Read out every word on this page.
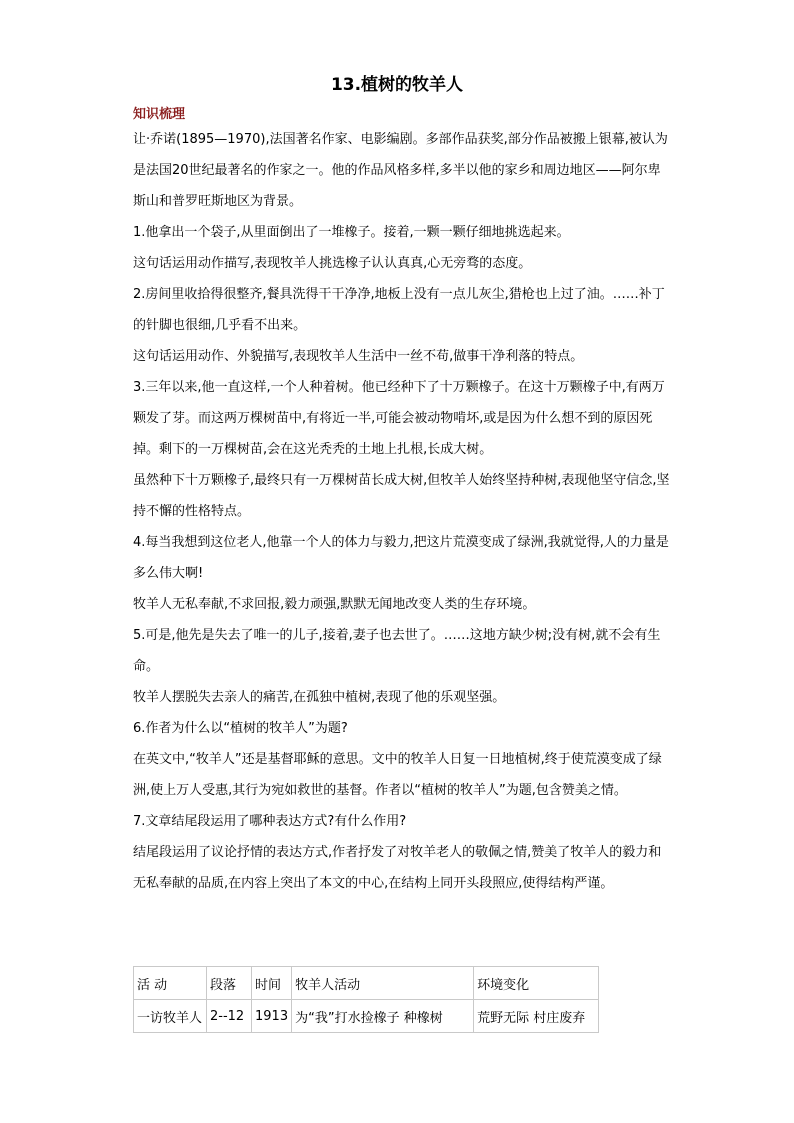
13.植树的牧羊人
知识梳理

让·乔诺(1895—1970),法国著名作家、电影编剧。多部作品获奖,部分作品被搬上银幕,被认为是法国20世纪最著名的作家之一。他的作品风格多样,多半以他的家乡和周边地区——阿尔卑斯山和普罗旺斯地区为背景。

1.他拿出一个袋子,从里面倒出了一堆橡子。接着,一颗一颗仔细地挑选起来。

这句话运用动作描写,表现牧羊人挑选橡子认认真真,心无旁骛的态度。

2.房间里收拾得很整齐,餐具洗得干干净净,地板上没有一点儿灰尘,猎枪也上过了油。……补丁的针脚也很细,几乎看不出来。

这句话运用动作、外貌描写,表现牧羊人生活中一丝不苟,做事干净利落的特点。

3.三年以来,他一直这样,一个人种着树。他已经种下了十万颗橡子。在这十万颗橡子中,有两万颗发了芽。而这两万棵树苗中,有将近一半,可能会被动物啃坏,或是因为什么想不到的原因死掉。剩下的一万棵树苗,会在这光秃秃的土地上扎根,长成大树。

虽然种下十万颗橡子,最终只有一万棵树苗长成大树,但牧羊人始终坚持种树,表现他坚守信念,坚持不懈的性格特点。

4.每当我想到这位老人,他靠一个人的体力与毅力,把这片荒漠变成了绿洲,我就觉得,人的力量是多么伟大啊!

牧羊人无私奉献,不求回报,毅力顽强,默默无闻地改变人类的生存环境。

5.可是,他先是失去了唯一的儿子,接着,妻子也去世了。……这地方缺少树;没有树,就不会有生命。

牧羊人摆脱失去亲人的痛苦,在孤独中植树,表现了他的乐观坚强。

6.作者为什么以“植树的牧羊人”为题?

在英文中,“牧羊人”还是基督耶稣的意思。文中的牧羊人日复一日地植树,终于使荒漠变成了绿洲,使上万人受惠,其行为宛如救世的基督。作者以“植树的牧羊人”为题,包含赞美之情。

7.文章结尾段运用了哪种表达方式?有什么作用?

结尾段运用了议论抒情的表达方式,作者抒发了对牧羊老人的敬佩之情,赞美了牧羊人的毅力和无私奉献的品质,在内容上突出了本文的中心,在结构上同开头段照应,使得结构严谨。

活 动	段落	时间	牧羊人活动	环境变化
一访牧羊人	2--12	1913	为“我”打水捡橡子 种橡树	荒野无际 村庄废弃
